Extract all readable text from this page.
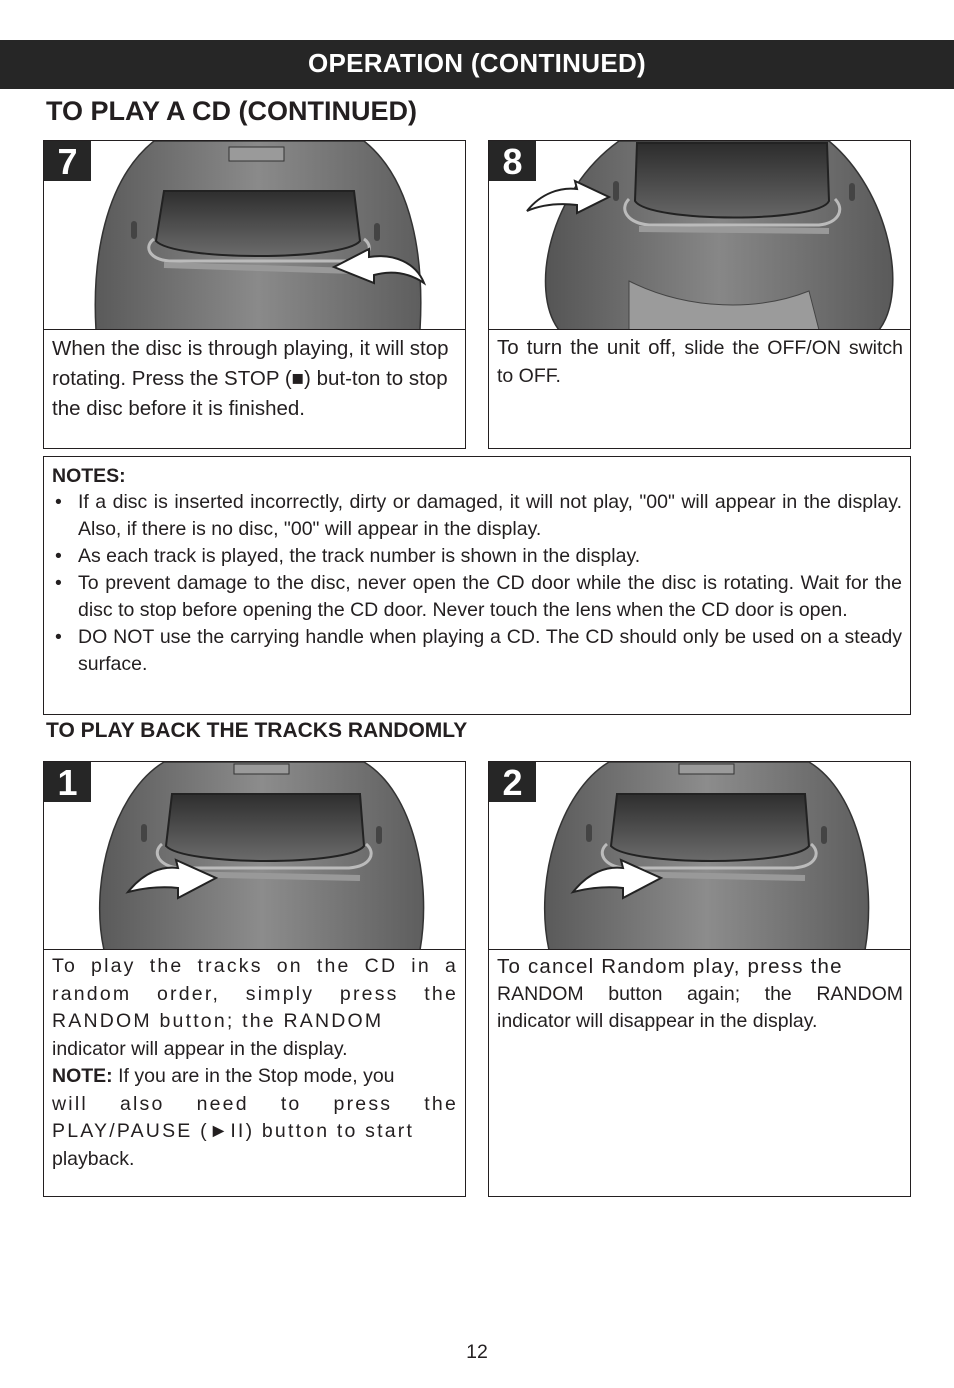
OPERATION (CONTINUED)
TO PLAY A CD (CONTINUED)
7
When the disc is through playing, it will stop rotating. Press the STOP (■) but-ton to stop the disc before it is finished.
8
To turn the unit off, slide the OFF/ON switch to OFF.
NOTES:
• If a disc is inserted incorrectly, dirty or damaged, it will not play, "00" will appear in the display. Also, if there is no disc, "00" will appear in the display.
• As each track is played, the track number is shown in the display.
• To prevent damage to the disc, never open the CD door while the disc is rotating. Wait for the disc to stop before opening the CD door. Never touch the lens when the CD door is open.
• DO NOT use the carrying handle when playing a CD. The CD should only be used on a steady surface.
TO PLAY BACK THE TRACKS RANDOMLY
1
To play the tracks on the CD in a random order, simply press the RANDOM button; the RANDOM
indicator will appear in the display.
NOTE: If you are in the Stop mode, you
will also need to press the PLAY/PAUSE (►II) button to start
playback.
2
To cancel Random play, press the
RANDOM button again; the RANDOM indicator will disappear in the display.
12
